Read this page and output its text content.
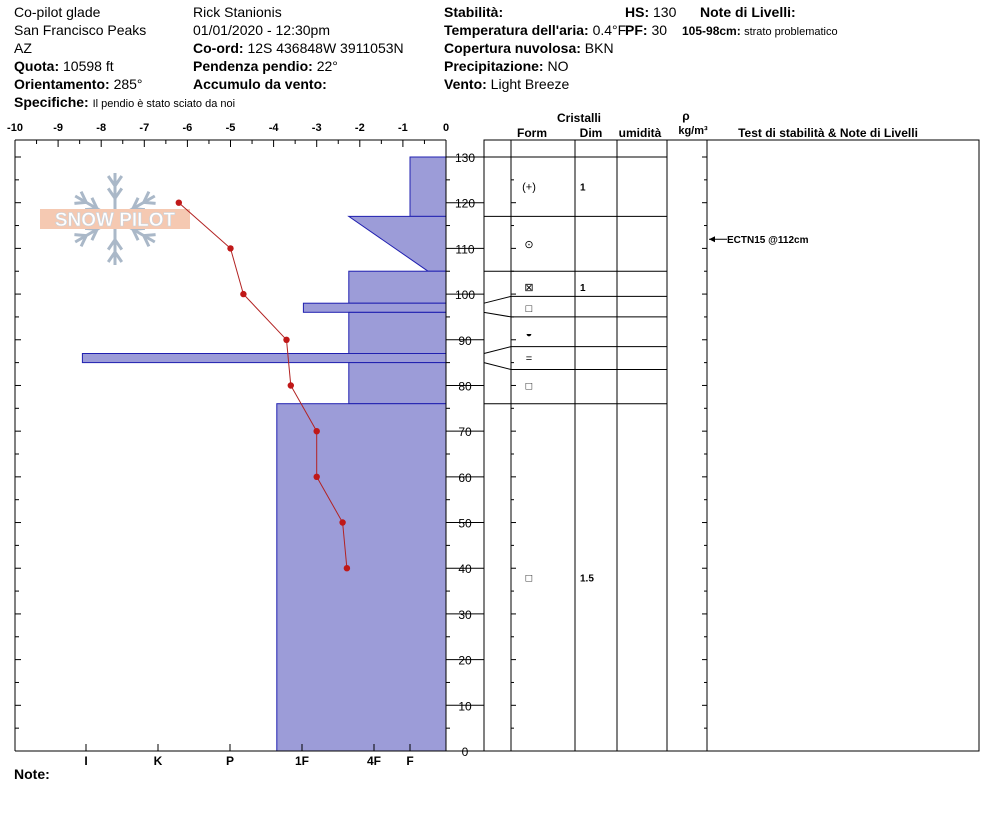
Co-pilot glade
San Francisco Peaks
AZ
Quota: 10598 ft
Orientamento: 285°
Specifiche: Il pendio è stato sciato da noi
Rick Stanionis
01/01/2020 - 12:30pm
Co-ord: 12S 436848W 3911053N
Pendenza pendio: 22°
Accumulo da vento:
Stabilità:
Temperatura dell'aria: 0.4°F
Copertura nuvolosa: BKN
Precipitazione: NO
Vento: Light Breeze
HS: 130
PF: 30
Note di Livelli:
105-98cm: strato problematico
Note:
SNOW PILOT
-10	-9	-8	-7	-6	-5	-4	-3	-2	-1	0
0
10
20
30
40
50
60
70
80
90
100
110
120
130
I	K	P	1F	4F F
(+)	1
⊙
⊠	1
□
◒
=
□
□	1.5
ECTN15 @112cm
Cristalli
Form	Dim umidità
ρ
kg/m³	Test di stabilità & Note di Livelli
